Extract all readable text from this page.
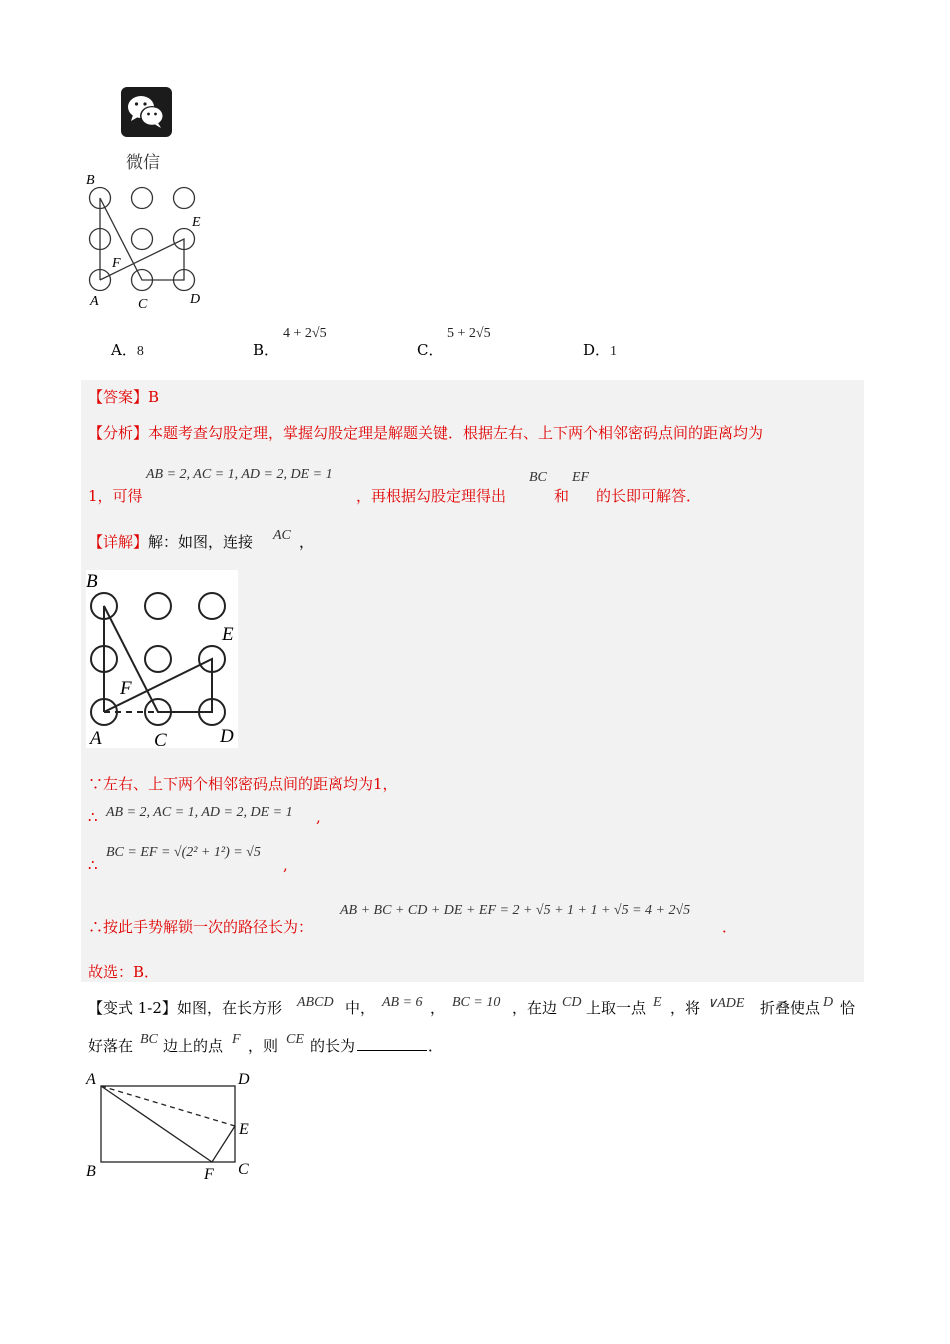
微信
B
E
F
A	C	D
A．8	B．
4 + 2√5
C．
5 + 2√5
D．1
【答案】B
【分析】本题考查勾股定理，掌握勾股定理是解题关键．根据左右、上下两个相邻密码点间的距离均为
AB = 2, AC = 1, AD = 2, DE = 1
1，可得	，再根据勾股定理得出
BC
和
EF
的长即可解答．
【详解】解：如图，连接 AC ，
B
E
F
A	C	D
∵左右、上下两个相邻密码点间的距离均为1，
∴ AB = 2, AC = 1, AD = 2, DE = 1 ,
∴
BC = EF = √(2² + 1²) = √5
,
∴按此手势解锁一次的路径长为：
AB + BC + CD + DE + EF = 2 + √5 + 1 + 1 + √5 = 4 + 2√5
．
故选：B．
【变式 1-2】如图，在长方形 ABCD 中， AB = 6 ， BC = 10 ，在边 CD 上取一点 E ，将 ∨ADE 折叠使点 D 恰
好落在 BC 边上的点 F ，则 CE 的长为	．
A	D
E
B	F C
